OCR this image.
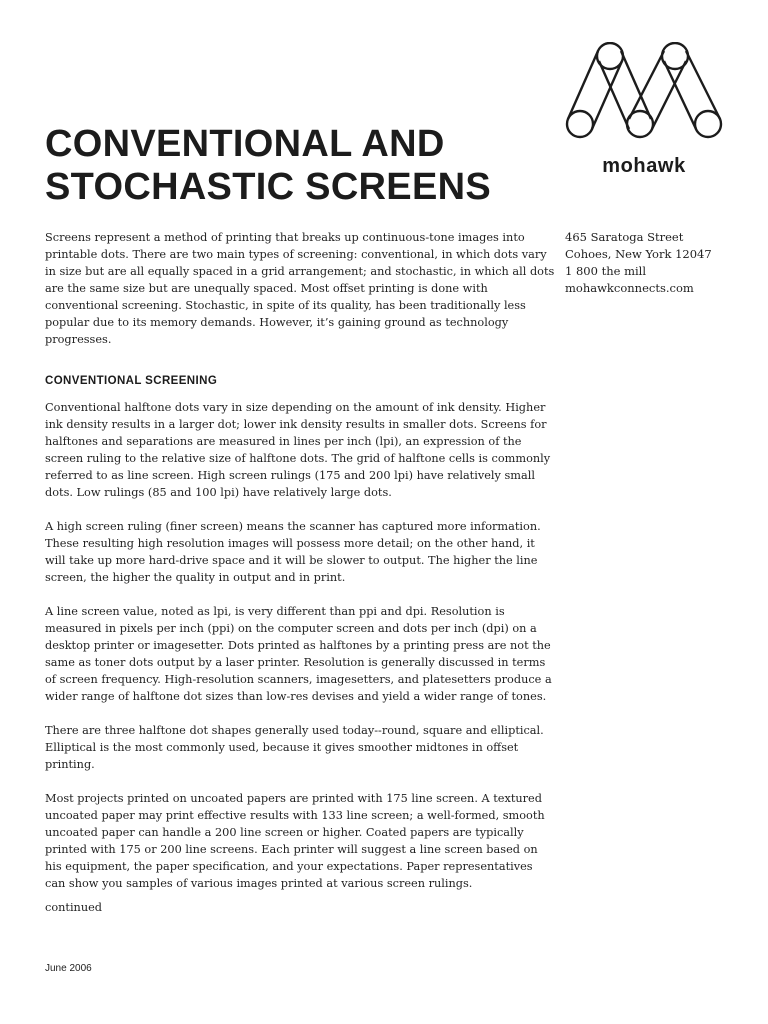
CONVENTIONAL AND
STOCHASTIC SCREENS
mohawk
465 Saratoga Street
Cohoes, New York 12047
1 800 the mill
mohawkconnects.com

Screens represent a method of printing that breaks up continuous-tone images into printable dots. There are two main types of screening: conventional, in which dots vary in size but are all equally spaced in a grid arrangement; and stochastic, in which all dots are the same size but are unequally spaced. Most offset printing is done with conventional screening. Stochastic, in spite of its quality, has been traditionally less popular due to its memory demands. However, it’s gaining ground as technology progresses.

CONVENTIONAL SCREENING

Conventional halftone dots vary in size depending on the amount of ink density. Higher ink density results in a larger dot; lower ink density results in smaller dots. Screens for halftones and separations are measured in lines per inch (lpi), an expression of the screen ruling to the relative size of halftone dots. The grid of halftone cells is commonly referred to as line screen. High screen rulings (175 and 200 lpi) have relatively small dots. Low rulings (85 and 100 lpi) have relatively large dots.

A high screen ruling (finer screen) means the scanner has captured more information. These resulting high resolution images will possess more detail; on the other hand, it will take up more hard-drive space and it will be slower to output. The higher the line screen, the higher the quality in output and in print.

A line screen value, noted as lpi, is very different than ppi and dpi. Resolution is measured in pixels per inch (ppi) on the computer screen and dots per inch (dpi) on a desktop printer or imagesetter. Dots printed as halftones by a printing press are not the same as toner dots output by a laser printer. Resolution is generally discussed in terms of screen frequency. High-resolution scanners, imagesetters, and platesetters produce a wider range of halftone dot sizes than low-res devises and yield a wider range of tones.

There are three halftone dot shapes generally used today--round, square and elliptical. Elliptical is the most commonly used, because it gives smoother midtones in offset printing.

Most projects printed on uncoated papers are printed with 175 line screen. A textured uncoated paper may print effective results with 133 line screen; a well-formed, smooth uncoated paper can handle a 200 line screen or higher. Coated papers are typically printed with 175 or 200 line screens. Each printer will suggest a line screen based on his equipment, the paper specification, and your expectations. Paper representatives can show you samples of various images printed at various screen rulings.

continued
June 2006
